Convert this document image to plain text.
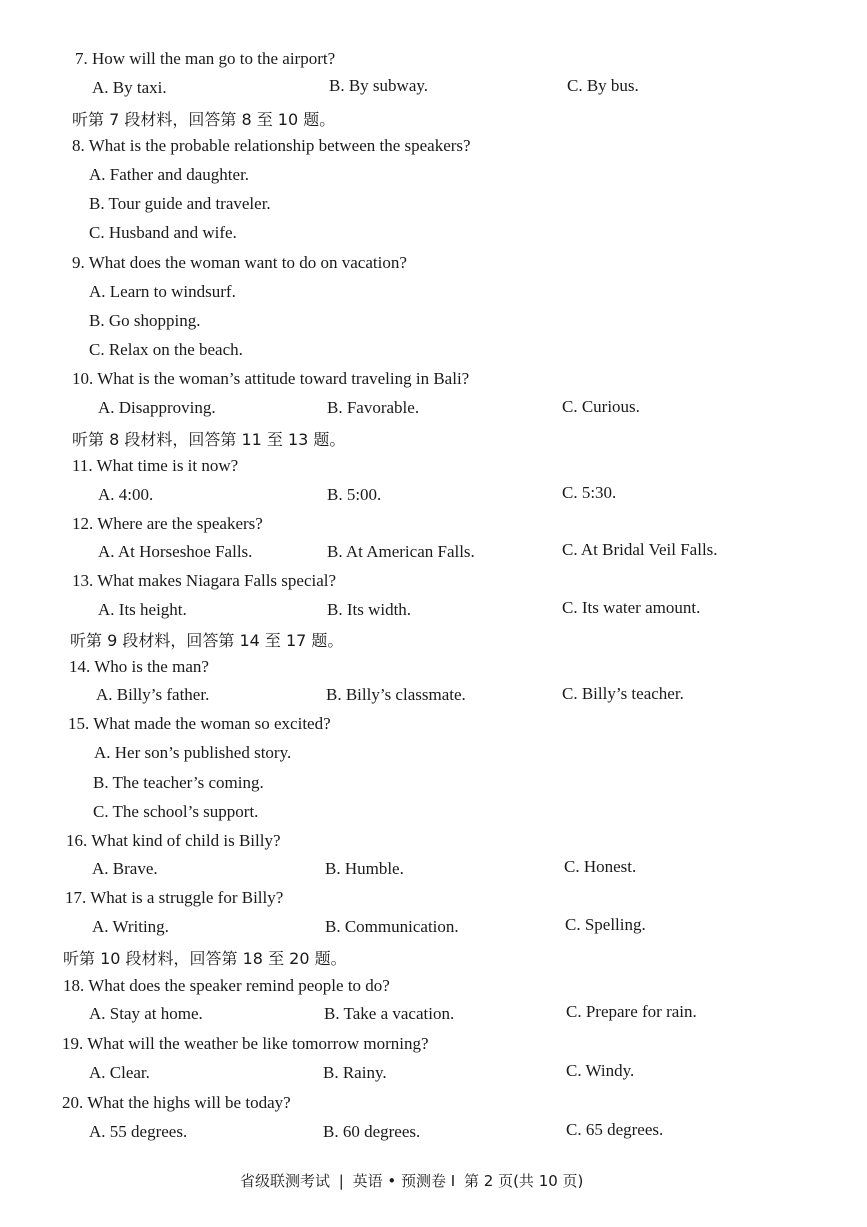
7. How will the man go to the airport?
A. By taxi.	B. By subway.	C. By bus.
听第 7 段材料，回答第 8 至 10 题。
8. What is the probable relationship between the speakers?
A. Father and daughter.
B. Tour guide and traveler.
C. Husband and wife.
9. What does the woman want to do on vacation?
A. Learn to windsurf.
B. Go shopping.
C. Relax on the beach.
10. What is the woman’s attitude toward traveling in Bali?
A. Disapproving.	B. Favorable.	C. Curious.
听第 8 段材料，回答第 11 至 13 题。
11. What time is it now?
A. 4:00.	B. 5:00.	C. 5:30.
12. Where are the speakers?
A. At Horseshoe Falls.	B. At American Falls.	C. At Bridal Veil Falls.
13. What makes Niagara Falls special?
A. Its height.	B. Its width.	C. Its water amount.
听第 9 段材料，回答第 14 至 17 题。
14. Who is the man?
A. Billy’s father.	B. Billy’s classmate.	C. Billy’s teacher.
15. What made the woman so excited?
A. Her son’s published story.
B. The teacher’s coming.
C. The school’s support.
16. What kind of child is Billy?
A. Brave.	B. Humble.	C. Honest.
17. What is a struggle for Billy?
A. Writing.	B. Communication.	C. Spelling.
听第 10 段材料，回答第 18 至 20 题。
18. What does the speaker remind people to do?
A. Stay at home.	B. Take a vacation.	C. Prepare for rain.
19. What will the weather be like tomorrow morning?
A. Clear.	B. Rainy.	C. Windy.
20. What the highs will be today?
A. 55 degrees.	B. 60 degrees.	C. 65 degrees.
省级联测考试 | 英语 • 预测卷 I 第 2 页(共 10 页)
